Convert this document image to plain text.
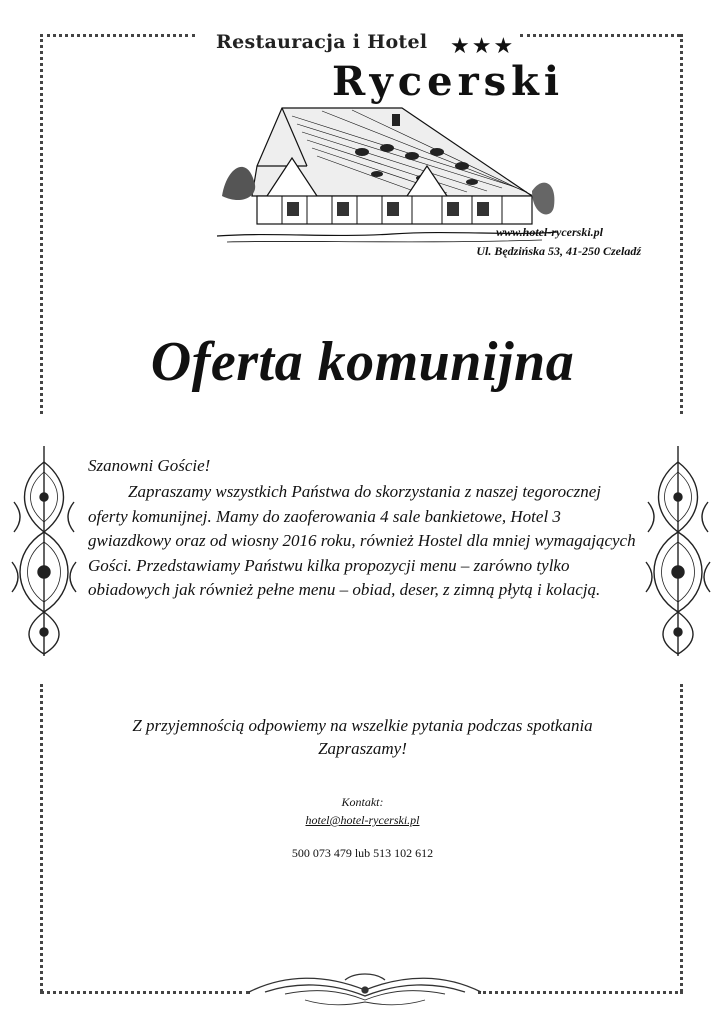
Restauracja i Hotel ★★★
Rycerski
www.hotel-rycerski.pl
Ul. Będzińska 53, 41-250 Czeladź
Oferta komunijna
Szanowni Goście!

Zapraszamy wszystkich Państwa do skorzystania z naszej tegorocznej oferty komunijnej. Mamy do zaoferowania 4 sale bankietowe, Hotel 3 gwiazdkowy oraz od wiosny 2016 roku, również Hostel dla mniej wymagających Gości. Przedstawiamy Państwu kilka propozycji menu – zarówno tylko obiadowych jak również pełne menu – obiad, deser, z zimną płytą i kolacją.

Z przyjemnością odpowiemy na wszelkie pytania podczas spotkania
Zapraszamy!
Kontakt:
hotel@hotel-rycerski.pl
500 073 479 lub 513 102 612
